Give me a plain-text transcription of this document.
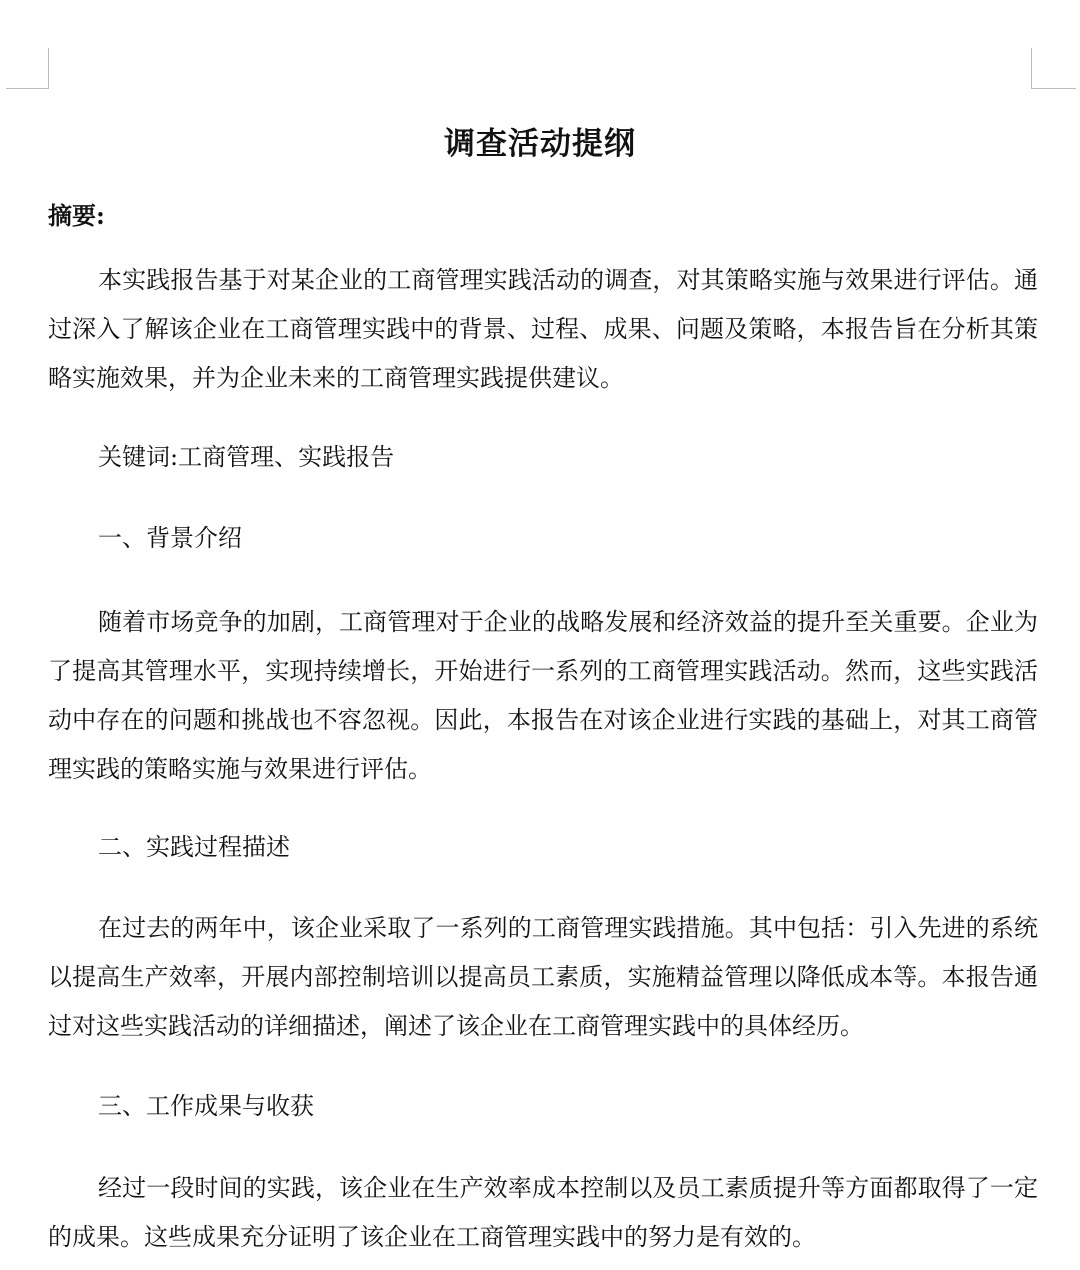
调查活动提纲
摘要:

本实践报告基于对某企业的工商管理实践活动的调查，对其策略实施与效果进行评估。通过深入了解该企业在工商管理实践中的背景、过程、成果、问题及策略，本报告旨在分析其策略实施效果，并为企业未来的工商管理实践提供建议。

关键词:工商管理、实践报告

一、背景介绍

随着市场竞争的加剧，工商管理对于企业的战略发展和经济效益的提升至关重要。企业为了提高其管理水平，实现持续增长，开始进行一系列的工商管理实践活动。然而，这些实践活动中存在的问题和挑战也不容忽视。因此，本报告在对该企业进行实践的基础上，对其工商管理实践的策略实施与效果进行评估。

二、实践过程描述

在过去的两年中，该企业采取了一系列的工商管理实践措施。其中包括：引入先进的系统以提高生产效率，开展内部控制培训以提高员工素质，实施精益管理以降低成本等。本报告通过对这些实践活动的详细描述，阐述了该企业在工商管理实践中的具体经历。

三、工作成果与收获

经过一段时间的实践，该企业在生产效率成本控制以及员工素质提升等方面都取得了一定的成果。这些成果充分证明了该企业在工商管理实践中的努力是有效的。
